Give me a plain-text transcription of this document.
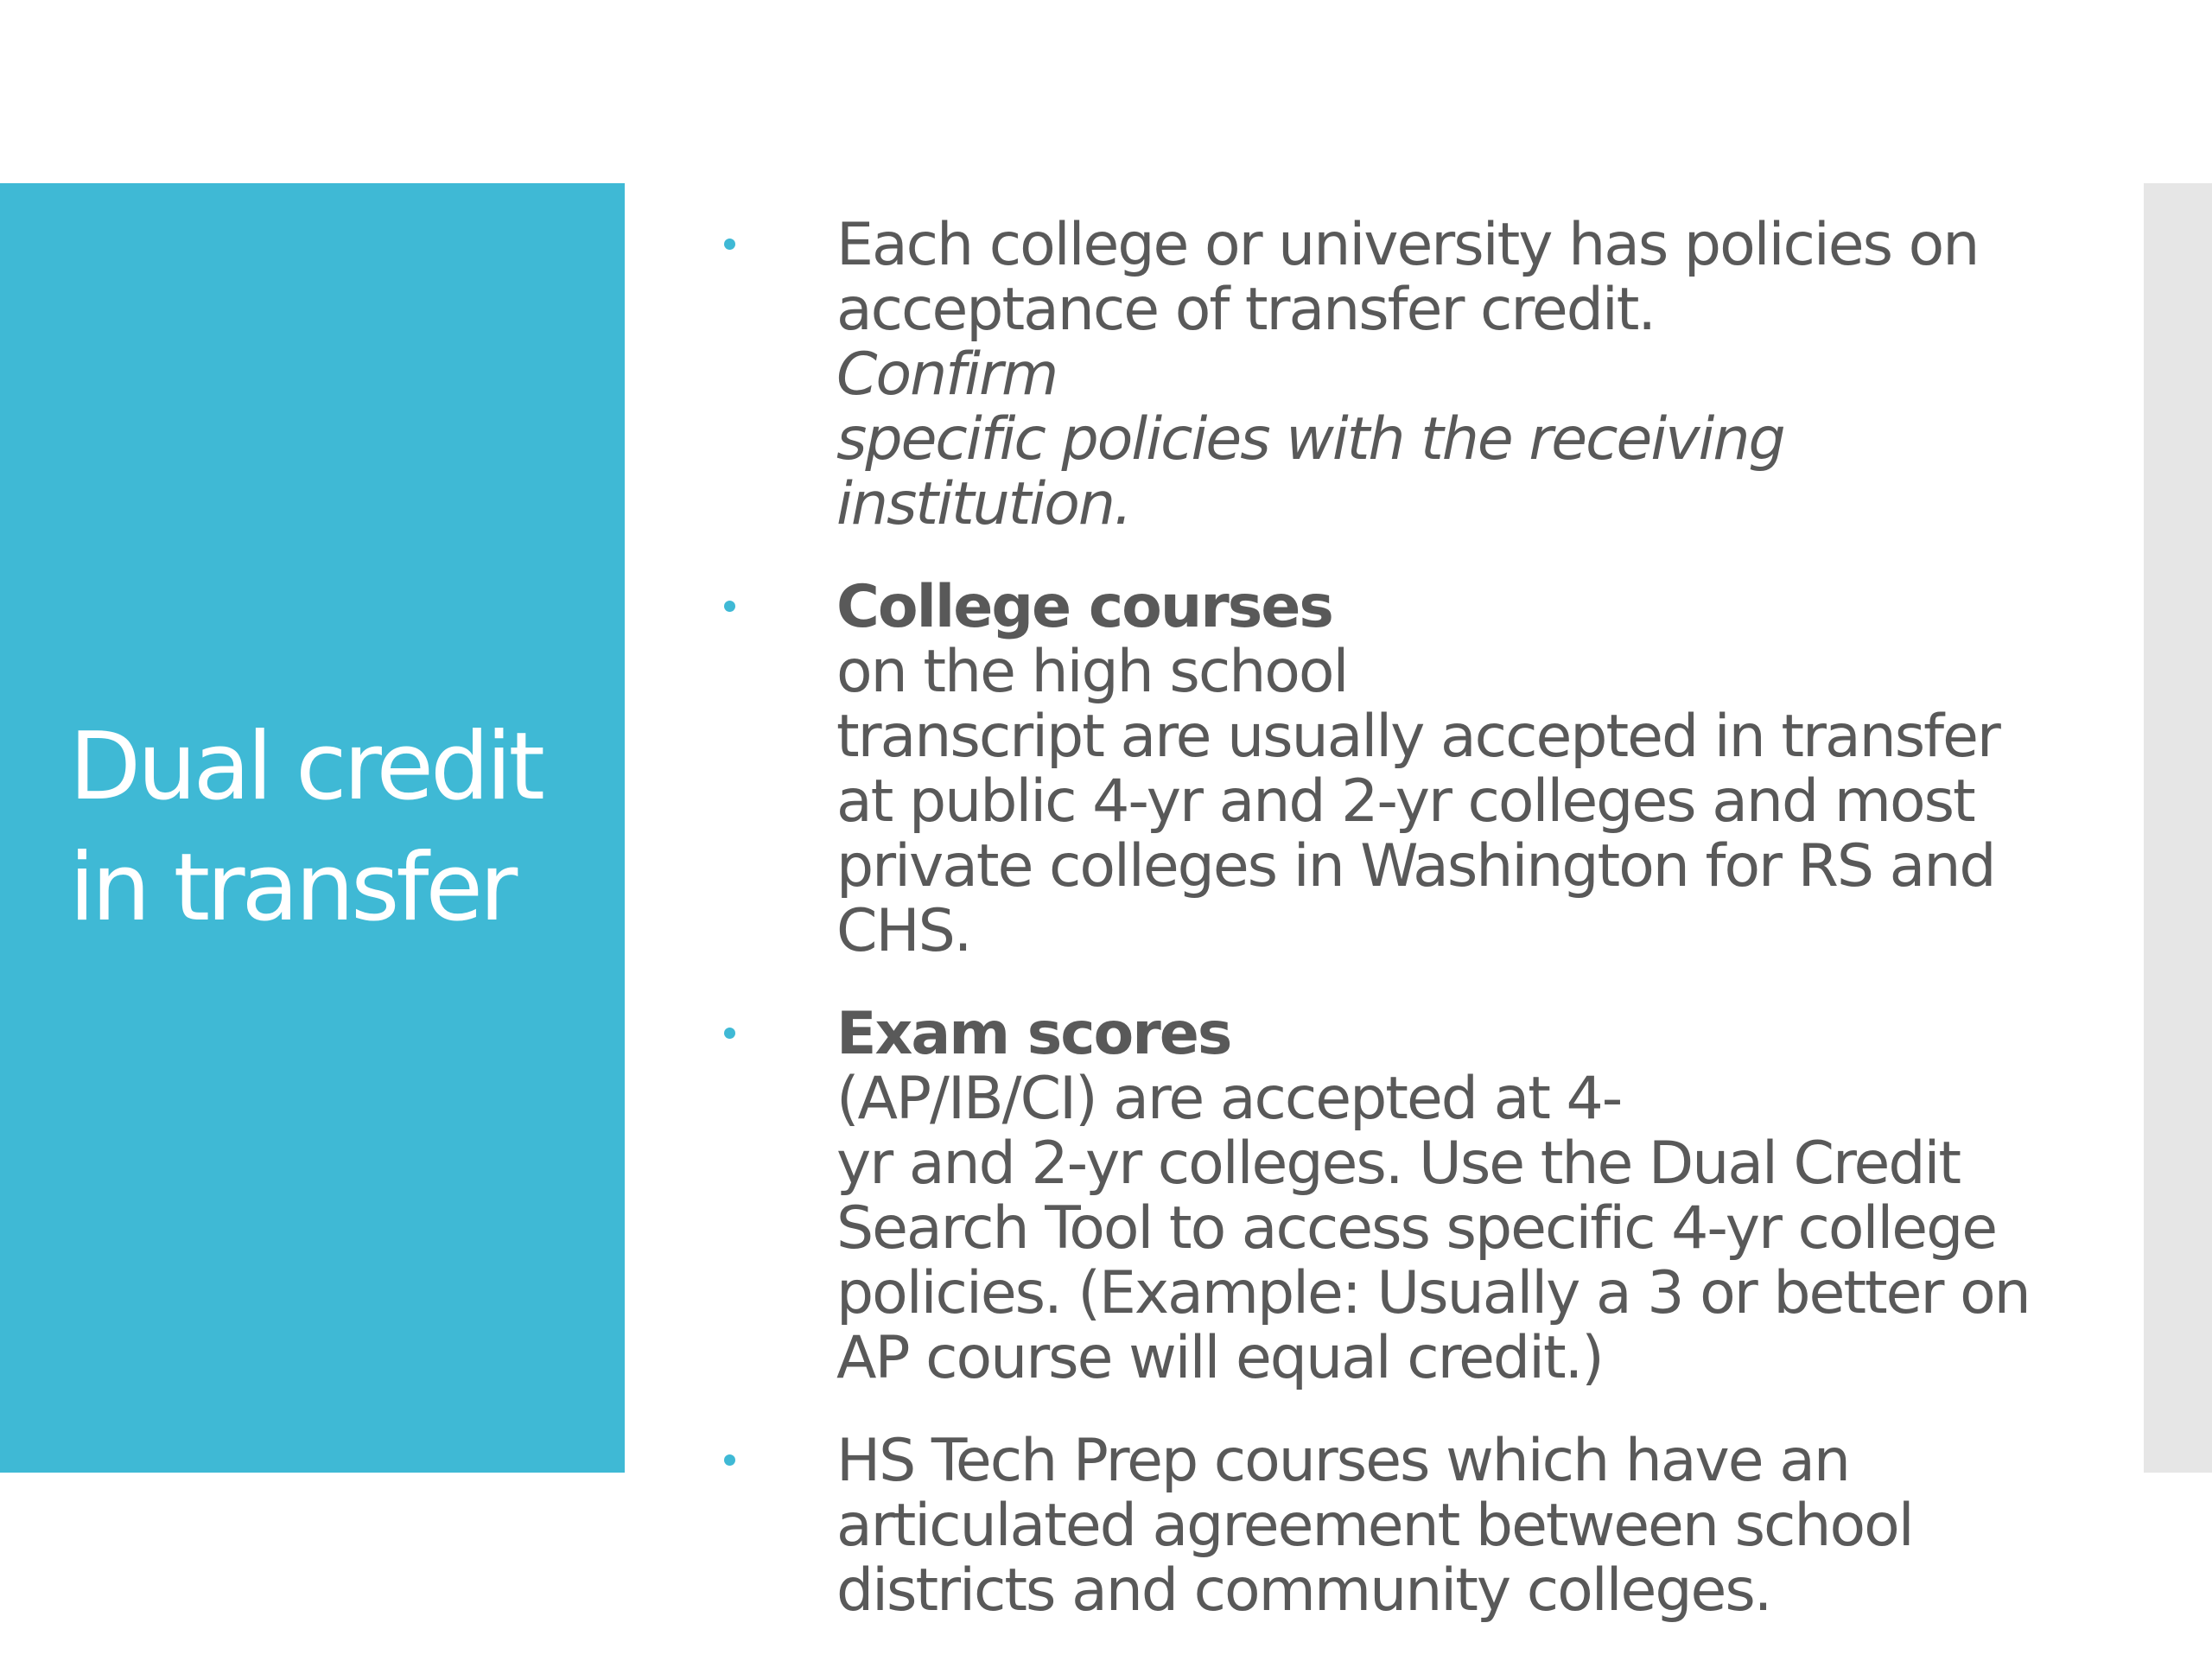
Dual credit
in transfer
Each college or university has policies on
acceptance of transfer credit.
Confirm
specific policies with the receiving
institution.
College courses
on the high school
transcript are usually accepted in transfer
at public 4-yr and 2-yr colleges and most
private colleges in Washington for RS and
CHS.
Exam scores
(AP/IB/CI) are accepted at 4-
yr and 2-yr colleges. Use the Dual Credit
Search Tool to access specific 4-yr college
policies. (Example: Usually a 3 or better on
AP course will equal credit.)
HS Tech Prep courses which have an
articulated agreement between school
districts and community colleges.
